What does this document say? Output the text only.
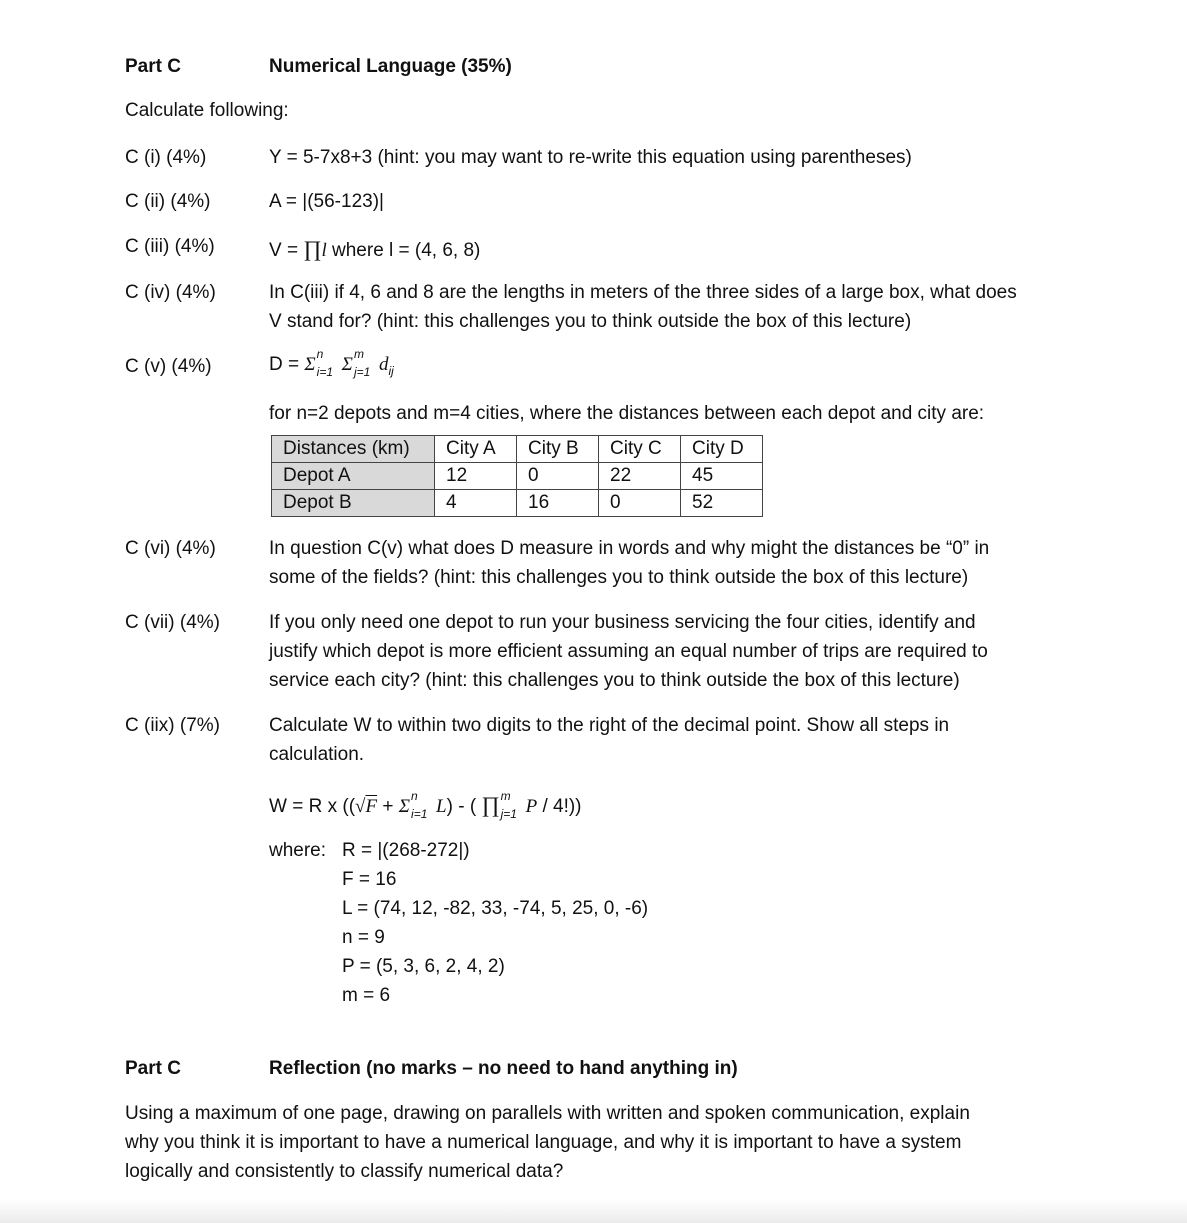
Part C	Numerical Language (35%)
Calculate following:
C (i) (4%)	Y = 5-7x8+3 (hint: you may want to re-write this equation using parentheses)
C (ii) (4%)	A = |(56-123)|
C (iii) (4%)	V = ∏l where l = (4, 6, 8)
C (iv) (4%)	In C(iii) if 4, 6 and 8 are the lengths in meters of the three sides of a large box, what does
V stand for? (hint: this challenges you to think outside the box of this lecture)
C (v) (4%)	D = Σ n
i=1 Σ m
j=1 $d_{ij}$
for n=2 depots and m=4 cities, where the distances between each depot and city are:
Distances (km)	City A	City B	City C	City D
Depot A	12	0	22	45
Depot B	4	16	0	52
C (vi) (4%)	In question C(v) what does D measure in words and why might the distances be “0” in
some of the fields? (hint: this challenges you to think outside the box of this lecture)
C (vii) (4%)	If you only need one depot to run your business servicing the four cities, identify and
justify which depot is more efficient assuming an equal number of trips are required to
service each city? (hint: this challenges you to think outside the box of this lecture)
C (iix) (7%)	Calculate W to within two digits to the right of the decimal point. Show all steps in
calculation.
W = R x ((√F + Σ n
i=1 L) - ( ∏ m
j=1 P / 4!))
where: R = |(268-272|)
F = 16
L = (74, 12, -82, 33, -74, 5, 25, 0, -6)
n = 9
P = (5, 3, 6, 2, 4, 2)
m = 6
Part C	Reflection (no marks – no need to hand anything in)
Using a maximum of one page, drawing on parallels with written and spoken communication, explain
why you think it is important to have a numerical language, and why it is important to have a system
logically and consistently to classify numerical data?
